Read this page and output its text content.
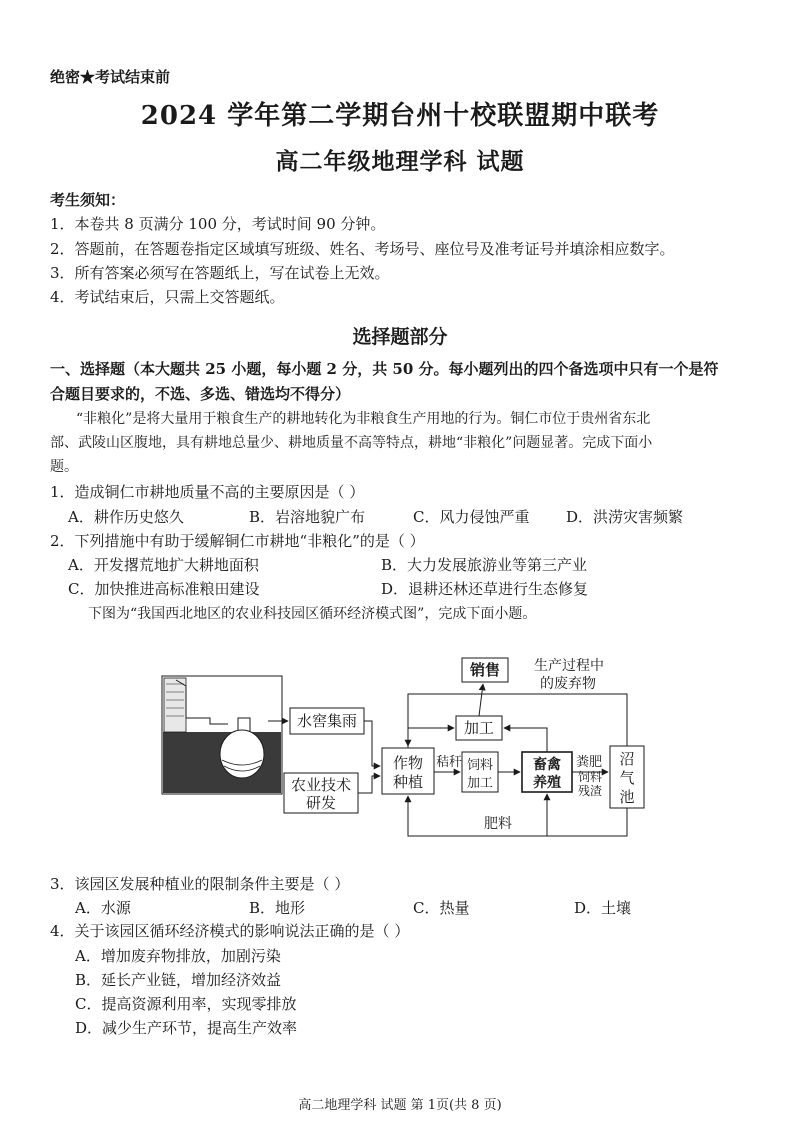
绝密★考试结束前
2024 学年第二学期台州十校联盟期中联考
高二年级地理学科 试题
考生须知：
1．本卷共 8 页满分 100 分，考试时间 90 分钟。
2．答题前，在答题卷指定区域填写班级、姓名、考场号、座位号及准考证号并填涂相应数字。
3．所有答案必须写在答题纸上，写在试卷上无效。
4．考试结束后，只需上交答题纸。
选择题部分
一、选择题（本大题共 25 小题，每小题 2 分，共 50 分。每小题列出的四个备选项中只有一个是符
合题目要求的，不选、多选、错选均不得分）
“非粮化”是将大量用于粮食生产的耕地转化为非粮食生产用地的行为。铜仁市位于贵州省东北
部、武陵山区腹地，具有耕地总量少、耕地质量不高等特点，耕地“非粮化”问题显著。完成下面小
题。
1．造成铜仁市耕地质量不高的主要原因是（ ）
A．耕作历史悠久	B．岩溶地貌广布	C．风力侵蚀严重 D．洪涝灾害频繁
2．下列措施中有助于缓解铜仁市耕地“非粮化”的是（ ）
A．开发撂荒地扩大耕地面积	B．大力发展旅游业等第三产业
C．加快推进高标准粮田建设	D．退耕还林还草进行生态修复
下图为“我国西北地区的农业科技园区循环经济模式图”，完成下面小题。
水窖集雨
农业技术
研发
作物
种植
饲料
加工
畜禽
养殖
沼
气
池
加工
销售 生产过程中
的废弃物
秸秆	粪肥
饲料
残渣
肥料
3．该园区发展种植业的限制条件主要是（ ）
A．水源	B．地形	C．热量	D．土壤
4．关于该园区循环经济模式的影响说法正确的是（ ）
A．增加废弃物排放，加剧污染
B．延长产业链，增加经济效益
C．提高资源利用率，实现零排放
D．减少生产环节，提高生产效率
高二地理学科 试题 第 1页(共 8 页)
